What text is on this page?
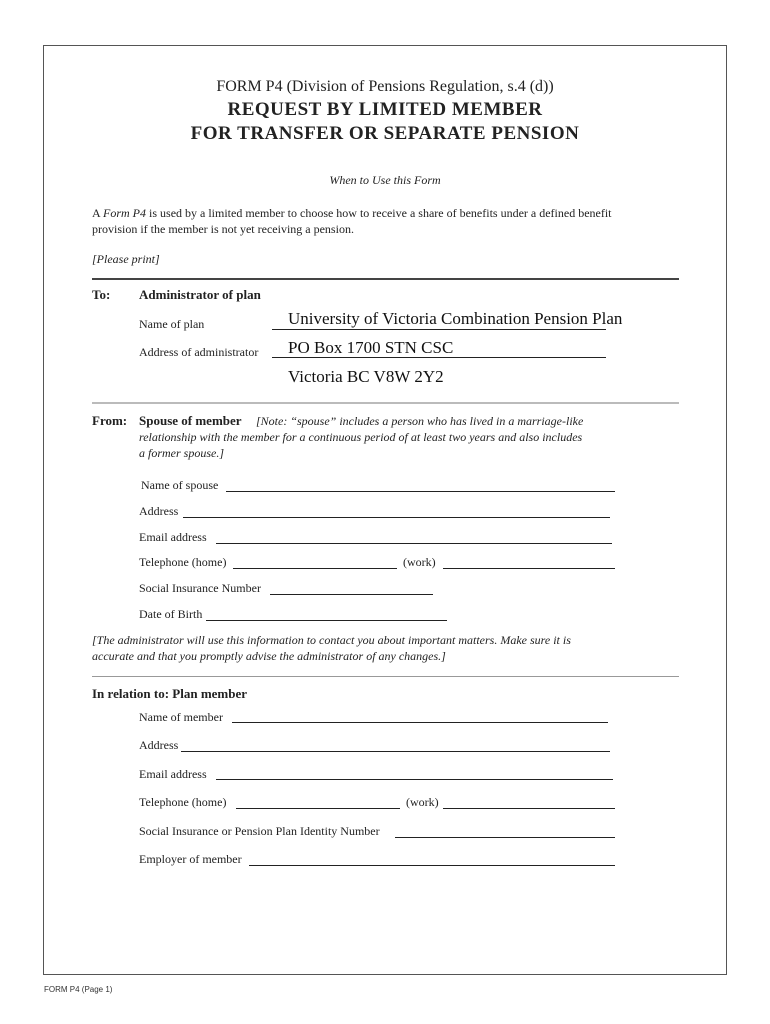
FORM P4 (Division of Pensions Regulation, s.4 (d))
REQUEST BY LIMITED MEMBER
FOR TRANSFER OR SEPARATE PENSION
When to Use this Form
A Form P4 is used by a limited member to choose how to receive a share of benefits under a defined benefit
provision if the member is not yet receiving a pension.
[Please print]
To: Administrator of plan
Name of plan	University of Victoria Combination Pension Plan
Address of administrator PO Box 1700 STN CSC
Victoria BC V8W 2Y2
From: Spouse of member [Note: “spouse” includes a person who has lived in a marriage-like
relationship with the member for a continuous period of at least two years and also includes
a former spouse.]
Name of spouse
Address
Email address
Telephone (home)	(work)
Social Insurance Number
Date of Birth
[The administrator will use this information to contact you about important matters. Make sure it is
accurate and that you promptly advise the administrator of any changes.]
In relation to: Plan member
Name of member
Address
Email address
Telephone (home)	(work)
Social Insurance or Pension Plan Identity Number
Employer of member
FORM P4 (Page 1)
